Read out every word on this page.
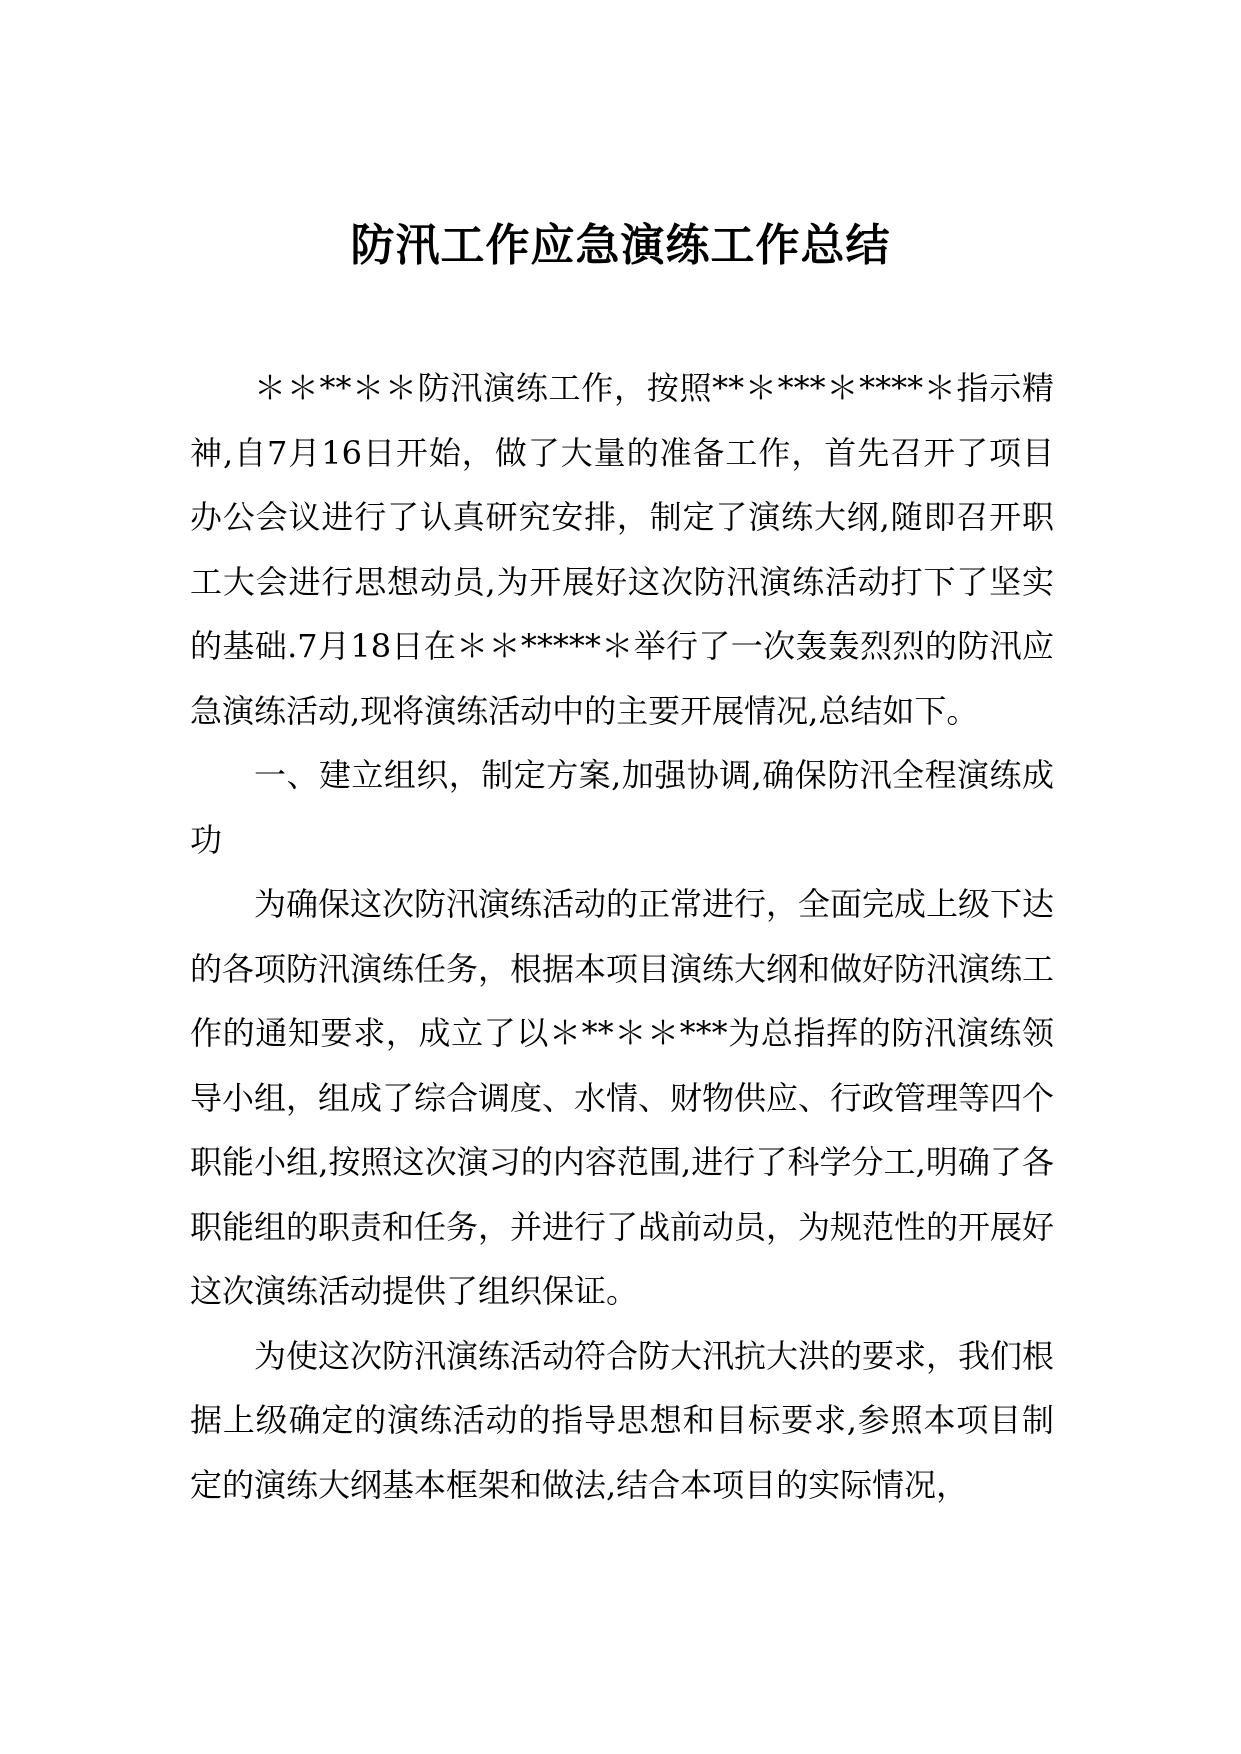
防汛工作应急演练工作总结

＊＊**＊＊防汛演练工作，按照**＊***＊****＊指示精神,自7月16日开始，做了大量的准备工作，首先召开了项目办公会议进行了认真研究安排，制定了演练大纲,随即召开职工大会进行思想动员,为开展好这次防汛演练活动打下了坚实的基础.7月18日在＊＊*****＊举行了一次轰轰烈烈的防汛应急演练活动,现将演练活动中的主要开展情况,总结如下。

一、建立组织，制定方案,加强协调,确保防汛全程演练成功

为确保这次防汛演练活动的正常进行，全面完成上级下达的各项防汛演练任务，根据本项目演练大纲和做好防汛演练工作的通知要求，成立了以＊**＊＊***为总指挥的防汛演练领导小组，组成了综合调度、水情、财物供应、行政管理等四个职能小组,按照这次演习的内容范围,进行了科学分工,明确了各职能组的职责和任务，并进行了战前动员，为规范性的开展好这次演练活动提供了组织保证。

为使这次防汛演练活动符合防大汛抗大洪的要求，我们根据上级确定的演练活动的指导思想和目标要求,参照本项目制定的演练大纲基本框架和做法,结合本项目的实际情况，
